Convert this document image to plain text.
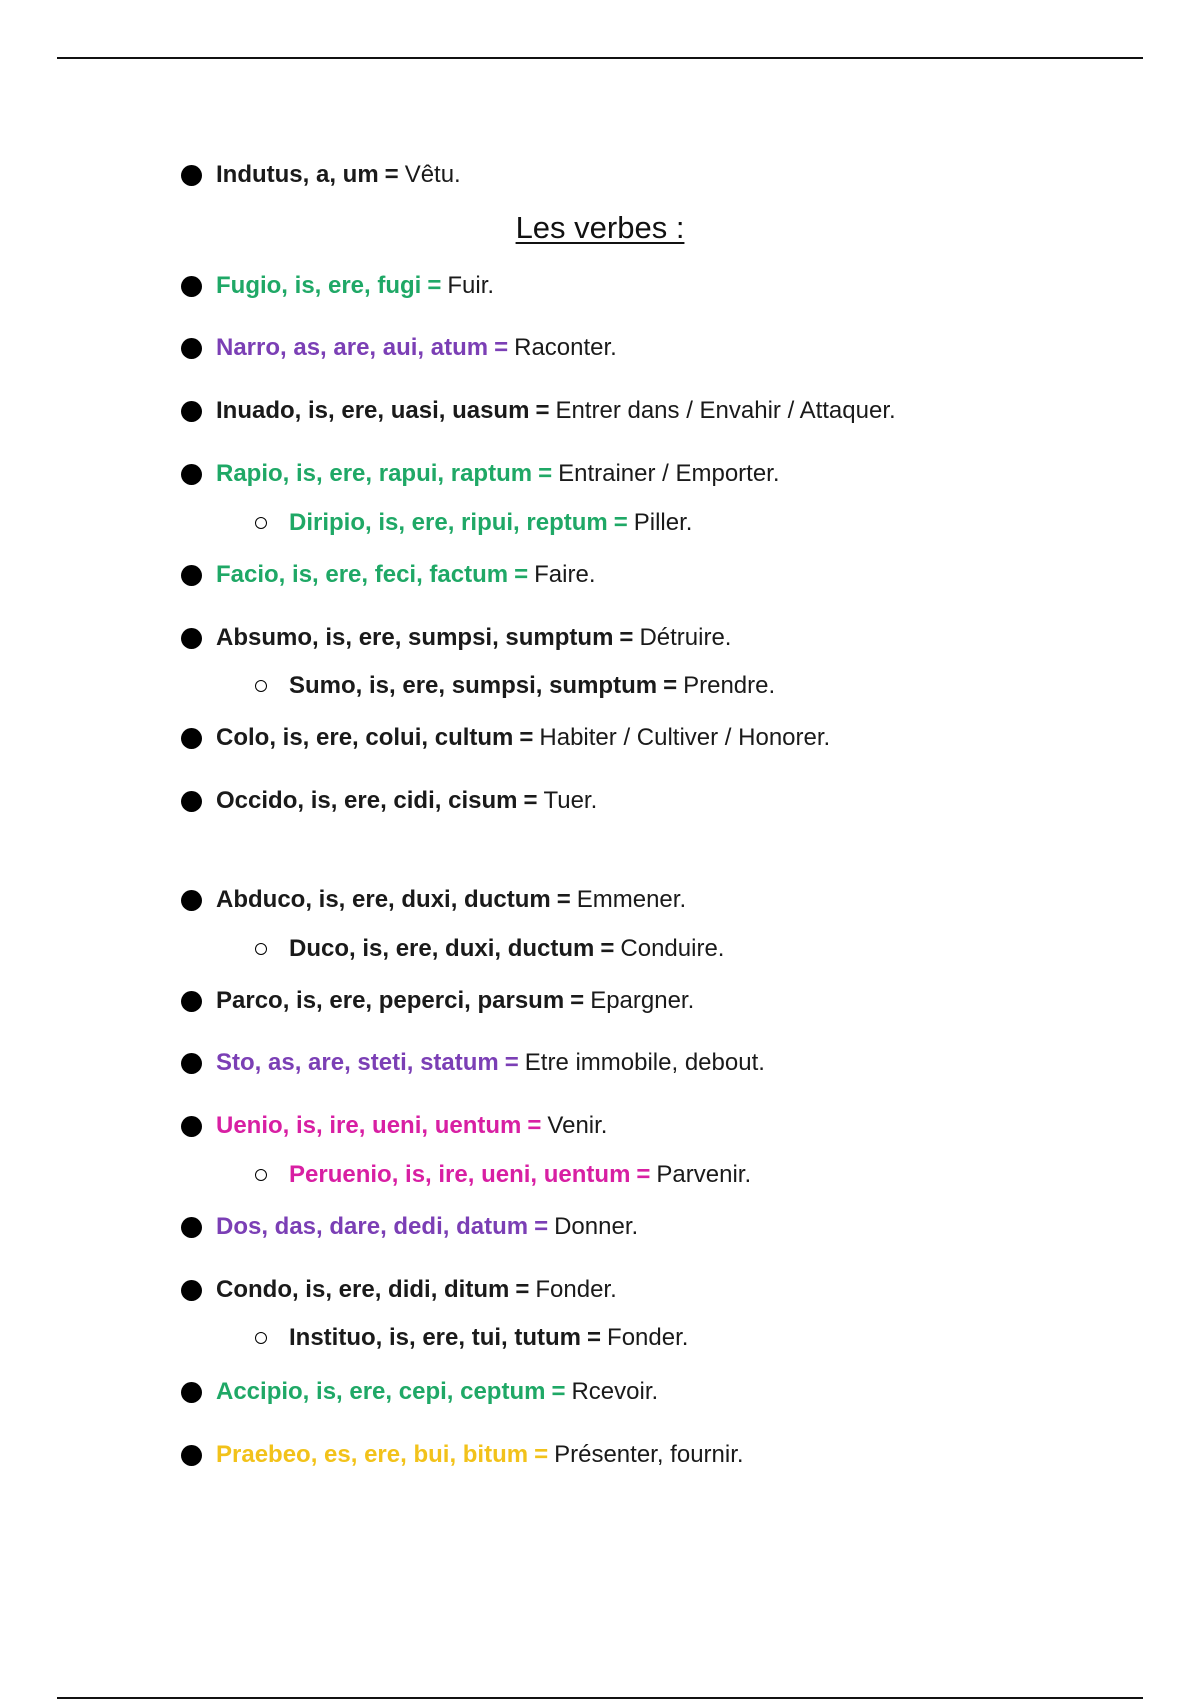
Indutus, a, um = Vêtu.
Les verbes :
Fugio, is, ere, fugi = Fuir.
Narro, as, are, aui, atum = Raconter.
Inuado, is, ere, uasi, uasum = Entrer dans / Envahir / Attaquer.
Rapio, is, ere, rapui, raptum = Entrainer / Emporter.
Diripio, is, ere, ripui, reptum = Piller.
Facio, is, ere, feci, factum = Faire.
Absumo, is, ere, sumpsi, sumptum = Détruire.
Sumo, is, ere, sumpsi, sumptum = Prendre.
Colo, is, ere, colui, cultum = Habiter / Cultiver / Honorer.
Occido, is, ere, cidi, cisum = Tuer.
Abduco, is, ere, duxi, ductum = Emmener.
Duco, is, ere, duxi, ductum = Conduire.
Parco, is, ere, peperci, parsum = Epargner.
Sto, as, are, steti, statum = Etre immobile, debout.
Uenio, is, ire, ueni, uentum = Venir.
Peruenio, is, ire, ueni, uentum = Parvenir.
Dos, das, dare, dedi, datum = Donner.
Condo, is, ere, didi, ditum = Fonder.
Instituo, is, ere, tui, tutum = Fonder.
Accipio, is, ere, cepi, ceptum = Rcevoir.
Praebeo, es, ere, bui, bitum = Présenter, fournir.
